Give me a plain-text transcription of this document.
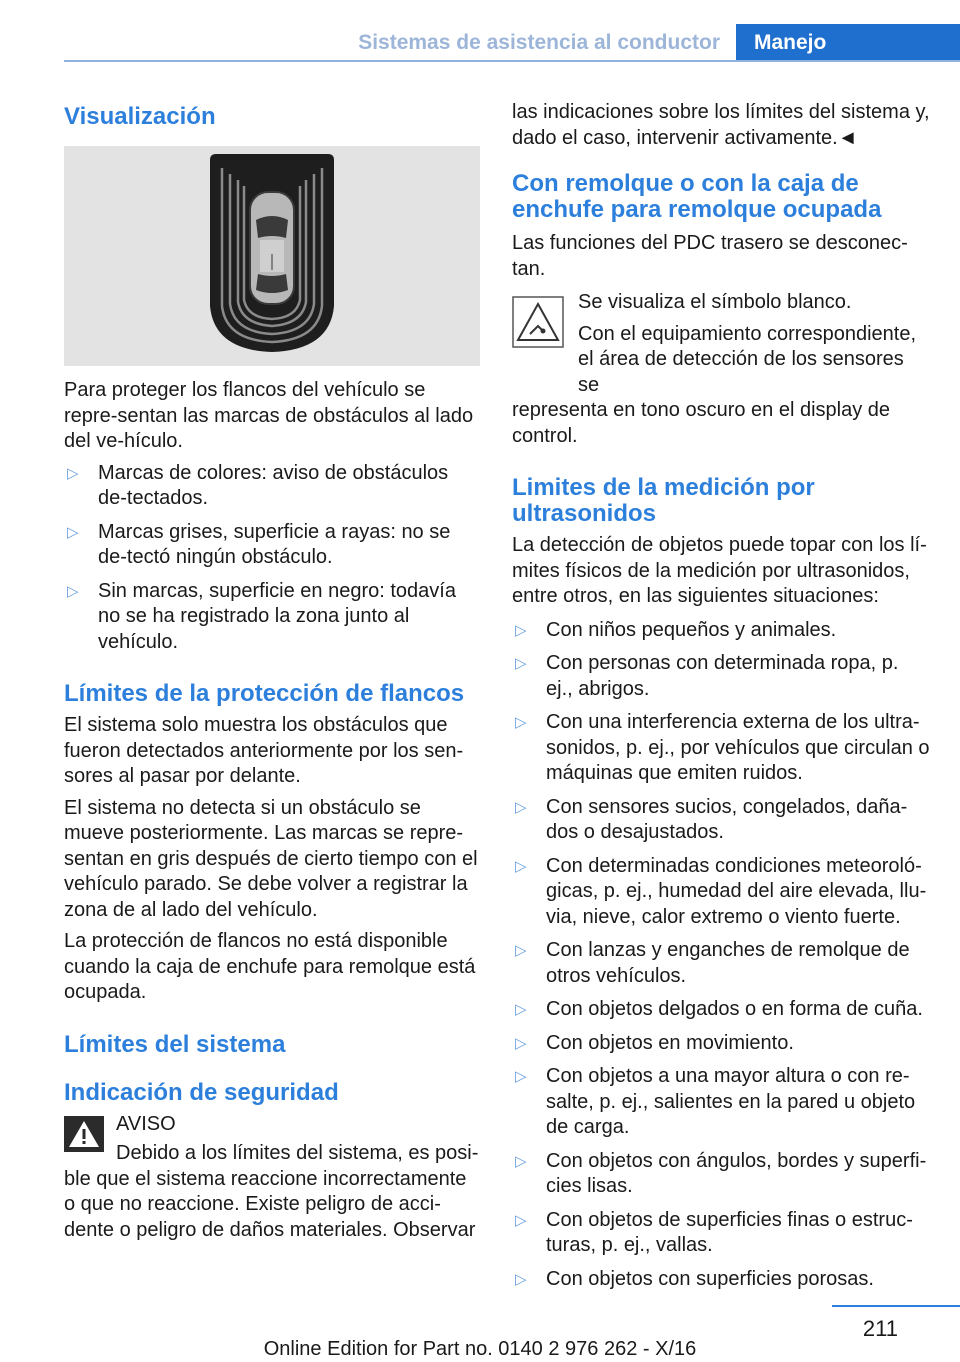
Sistemas de asistencia al conductor Manejo
Visualización

Para proteger los flancos del vehículo se repre-sentan las marcas de obstáculos al lado del ve-hículo.

▷ Marcas de colores: aviso de obstáculos de-tectados.
▷ Marcas grises, superficie a rayas: no se de-tectó ningún obstáculo.
▷ Sin marcas, superficie en negro: todavía no se ha registrado la zona junto al vehículo.
Límites de la protección de flancos

El sistema solo muestra los obstáculos que fueron detectados anteriormente por los sen-sores al pasar por delante.

El sistema no detecta si un obstáculo se mueve posteriormente. Las marcas se repre-sentan en gris después de cierto tiempo con el vehículo parado. Se debe volver a registrar la zona de al lado del vehículo.

La protección de flancos no está disponible cuando la caja de enchufe para remolque está ocupada.

Límites del sistema
Indicación de seguridad

AVISO

Debido a los límites del sistema, es posi-

ble que el sistema reaccione incorrectamente o que no reaccione. Existe peligro de acci-dente o peligro de daños materiales. Observar

las indicaciones sobre los límites del sistema y, dado el caso, intervenir activamente.◄

Con remolque o con la caja de enchufe para remolque ocupada

Las funciones del PDC trasero se desconec-tan.

Se visualiza el símbolo blanco.

Con el equipamiento correspondiente, el área de detección de los sensores se

representa en tono oscuro en el display de control.

Limites de la medición por ultrasonidos

La detección de objetos puede topar con los lí-mites físicos de la medición por ultrasonidos, entre otros, en las siguientes situaciones:

▷ Con niños pequeños y animales.
▷ Con personas con determinada ropa, p. ej., abrigos.
▷ Con una interferencia externa de los ultra-sonidos, p. ej., por vehículos que circulan o máquinas que emiten ruidos.
▷ Con sensores sucios, congelados, daña-dos o desajustados.
▷ Con determinadas condiciones meteoroló-gicas, p. ej., humedad del aire elevada, llu-via, nieve, calor extremo o viento fuerte.
▷ Con lanzas y enganches de remolque de otros vehículos.
▷ Con objetos delgados o en forma de cuña.
▷ Con objetos en movimiento.
▷ Con objetos a una mayor altura o con re-salte, p. ej., salientes en la pared u objeto de carga.
▷ Con objetos con ángulos, bordes y superfi-cies lisas.
▷ Con objetos de superficies finas o estruc-turas, p. ej., vallas.
▷ Con objetos con superficies porosas.
211
Online Edition for Part no. 0140 2 976 262 - X/16
